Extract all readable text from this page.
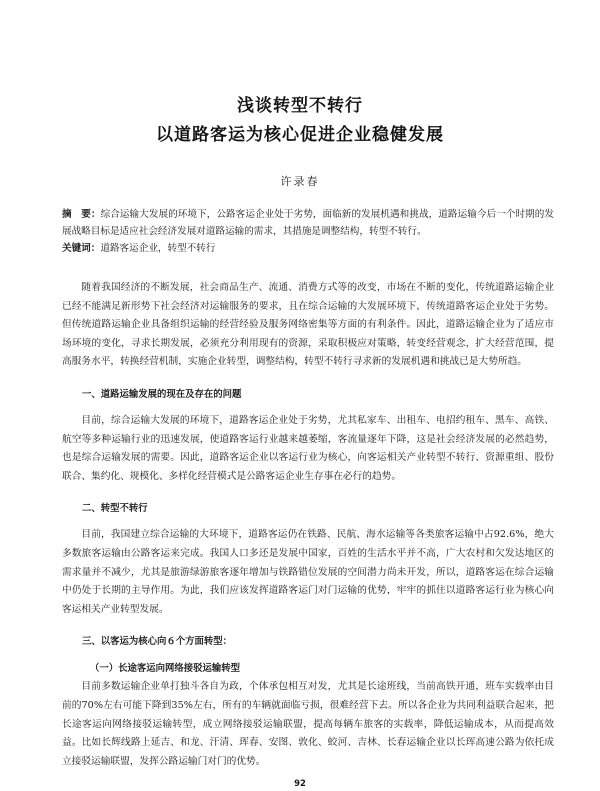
浅谈转型不转行
以道路客运为核心促进企业稳健发展
许录春
摘　要：综合运输大发展的环境下，公路客运企业处于劣势，面临新的发展机遇和挑战，道路运输今后一个时期的发展战略目标是适应社会经济发展对道路运输的需求，其措施是调整结构，转型不转行。
关键词：道路客运企业，转型不转行

随着我国经济的不断发展，社会商品生产、流通、消费方式等的改变，市场在不断的变化，传统道路运输企业已经不能满足新形势下社会经济对运输服务的要求，且在综合运输的大发展环境下，传统道路客运企业处于劣势。但传统道路运输企业具备组织运输的经营经验及服务网络密集等方面的有利条件。因此，道路运输企业为了适应市场环境的变化，寻求长期发展，必须充分利用现有的资源，采取积极应对策略，转变经营观念，扩大经营范围，提高服务水平，转换经营机制，实施企业转型，调整结构，转型不转行寻求新的发展机遇和挑战已是大势所趋。

一、道路运输发展的现在及存在的问题

目前，综合运输大发展的环境下，道路客运企业处于劣势，尤其私家车、出租车、电招约租车、黑车、高铁、航空等多种运输行业的迅速发展，使道路客运行业越来越萎缩，客流量逐年下降，这是社会经济发展的必然趋势，也是综合运输发展的需要。因此，道路客运企业以客运行业为核心，向客运相关产业转型不转行、资源重组、股份联合、集约化、规模化、多样化经营模式是公路客运企业生存事在必行的趋势。

二、转型不转行

目前，我国建立综合运输的大环境下，道路客运仍在铁路、民航、海水运输等各类旅客运输中占92.6%，绝大多数旅客运输由公路客运来完成。我国人口多还是发展中国家，百姓的生活水平并不高，广大农村和欠发达地区的需求量并不减少，尤其是旅游绿游旅客逐年增加与铁路错位发展的空间潜力尚未开发，所以，道路客运在综合运输中仍处于长期的主导作用。为此，我们应该发挥道路客运门对门运输的优势，牢牢的抓住以道路客运行业为核心向客运相关产业转型发展。

三、以客运为核心向６个方面转型：
（一）长途客运向网络接驳运输转型

目前多数运输企业单打独斗各自为政，个体承包相互对发，尤其是长途班线，当前高铁开通，班车实载率由目前的70%左右可能下降到35%左右，所有的车辆就面临亏损，很难经营下去。所以各企业为共同利益联合起来，把长途客运向网络接驳运输转型，成立网络接驳运输联盟，提高每辆车旅客的实载率，降低运输成本，从而提高效益。比如长辉线路上延吉、和龙、汗清、珲春、安图、敦化、蛟河、吉林、长春运输企业以长珲高速公路为依托成立接驳运输联盟，发挥公路运输门对门的优势。

92
